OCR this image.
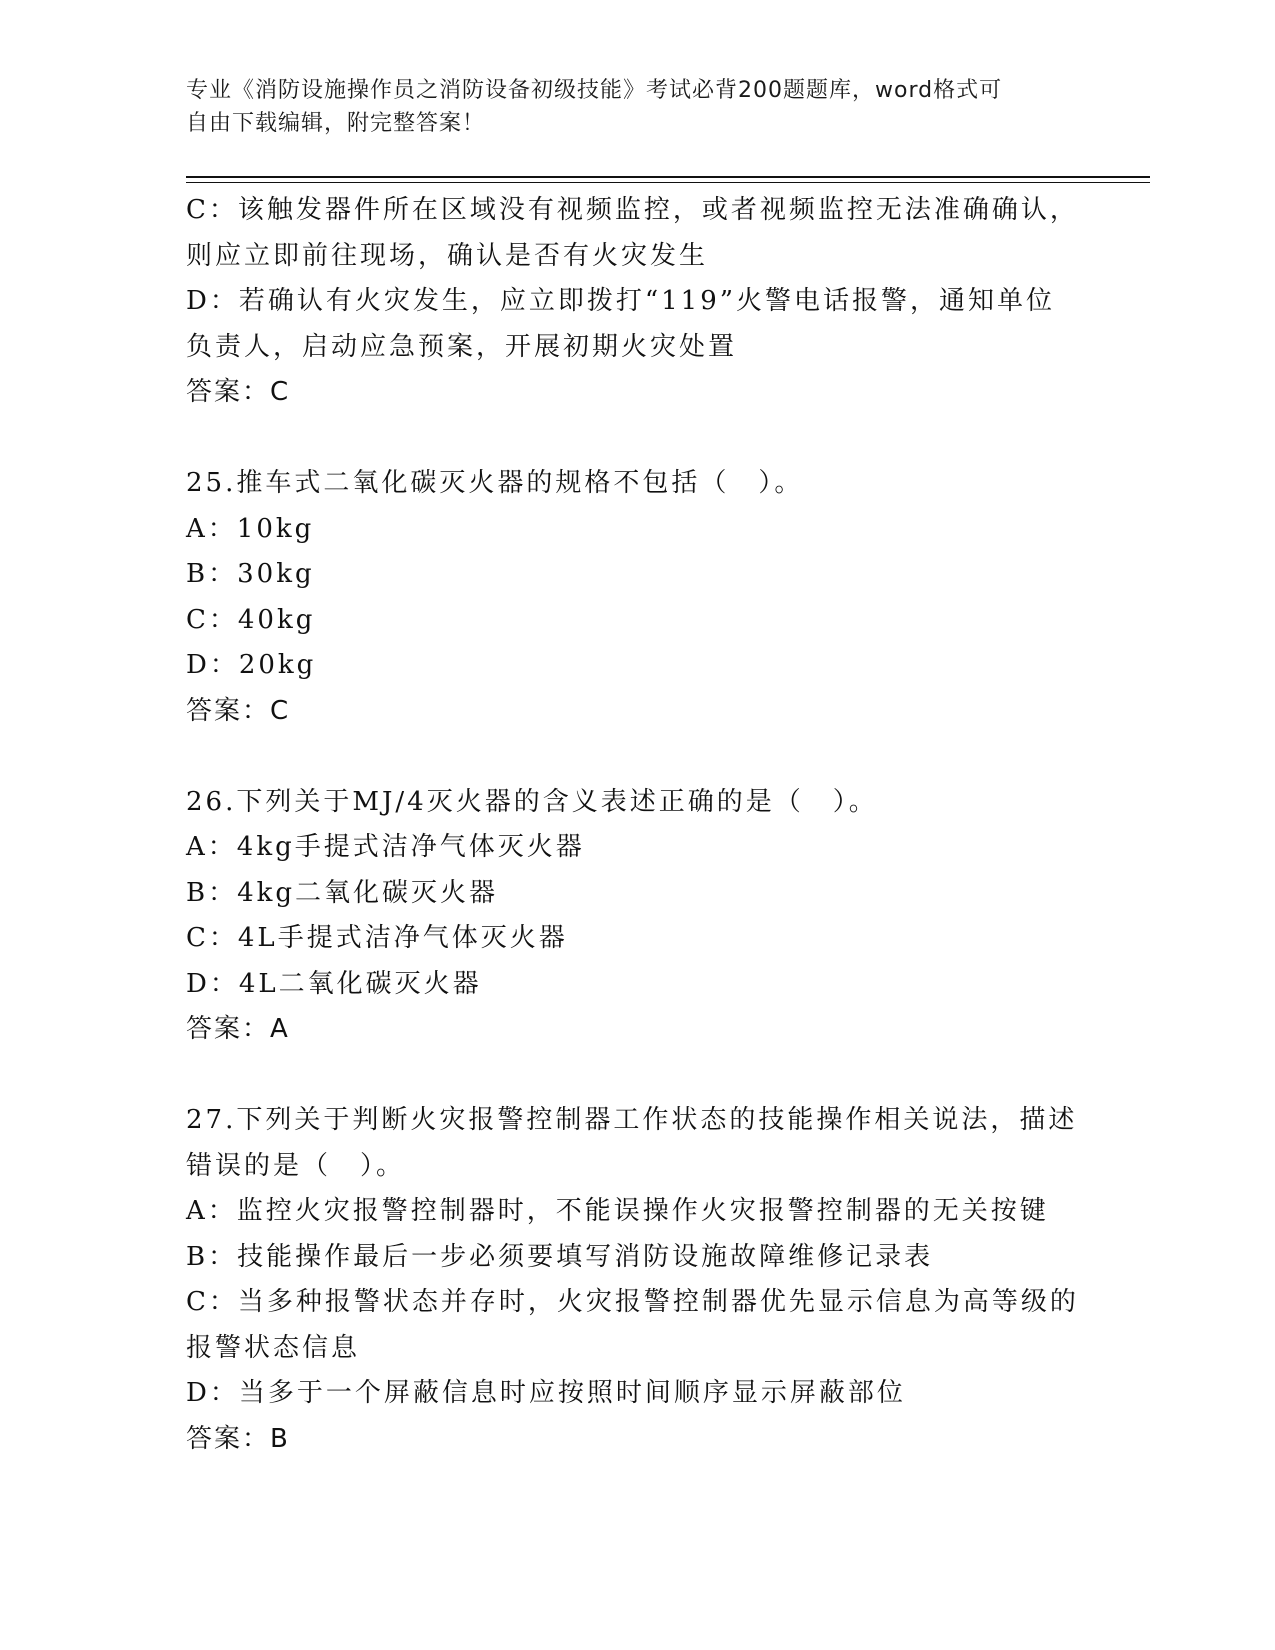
专业《消防设施操作员之消防设备初级技能》考试必背200题题库，word格式可
自由下载编辑，附完整答案！
C：该触发器件所在区域没有视频监控，或者视频监控无法准确确认，
则应立即前往现场，确认是否有火灾发生
D：若确认有火灾发生，应立即拨打“119”火警电话报警，通知单位
负责人，启动应急预案，开展初期火灾处置
答案：C
25.推车式二氧化碳灭火器的规格不包括（　）。
A：10kg
B：30kg
C：40kg
D：20kg
答案：C
26.下列关于MJ/4灭火器的含义表述正确的是（　）。
A：4kg手提式洁净气体灭火器
B：4kg二氧化碳灭火器
C：4L手提式洁净气体灭火器
D：4L二氧化碳灭火器
答案：A
27.下列关于判断火灾报警控制器工作状态的技能操作相关说法，描述
错误的是（　）。
A：监控火灾报警控制器时，不能误操作火灾报警控制器的无关按键
B：技能操作最后一步必须要填写消防设施故障维修记录表
C：当多种报警状态并存时，火灾报警控制器优先显示信息为高等级的
报警状态信息
D：当多于一个屏蔽信息时应按照时间顺序显示屏蔽部位
答案：B
